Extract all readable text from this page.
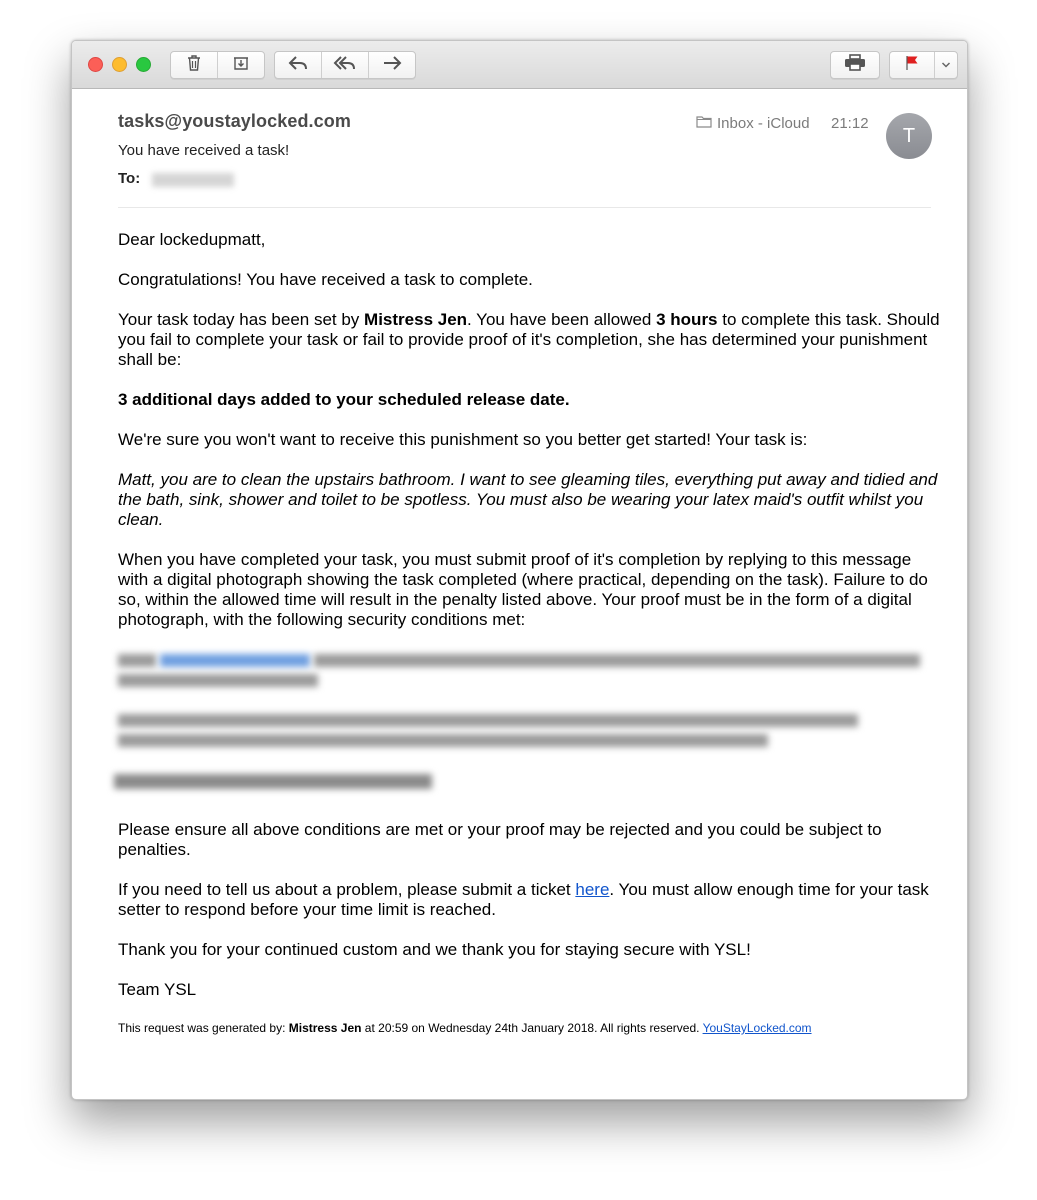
tasks@youstaylocked.com
You have received a task!
To:
Inbox - iCloud 21:12
T

Dear lockedupmatt,

Congratulations! You have received a task to complete.

Your task today has been set by Mistress Jen. You have been allowed 3 hours to complete this task. Should you fail to complete your task or fail to provide proof of it's completion, she has determined your punishment shall be:

3 additional days added to your scheduled release date.

We're sure you won't want to receive this punishment so you better get started! Your task is:

Matt, you are to clean the upstairs bathroom. I want to see gleaming tiles, everything put away and tidied and the bath, sink, shower and toilet to be spotless. You must also be wearing your latex maid's outfit whilst you clean.

When you have completed your task, you must submit proof of it's completion by replying to this message with a digital photograph showing the task completed (where practical, depending on the task). Failure to do so, within the allowed time will result in the penalty listed above. Your proof must be in the form of a digital photograph, with the following security conditions met:

Please ensure all above conditions are met or your proof may be rejected and you could be subject to penalties.

If you need to tell us about a problem, please submit a ticket here. You must allow enough time for your task setter to respond before your time limit is reached.

Thank you for your continued custom and we thank you for staying secure with YSL!

Team YSL

This request was generated by: Mistress Jen at 20:59 on Wednesday 24th January 2018. All rights reserved. YouStayLocked.com
